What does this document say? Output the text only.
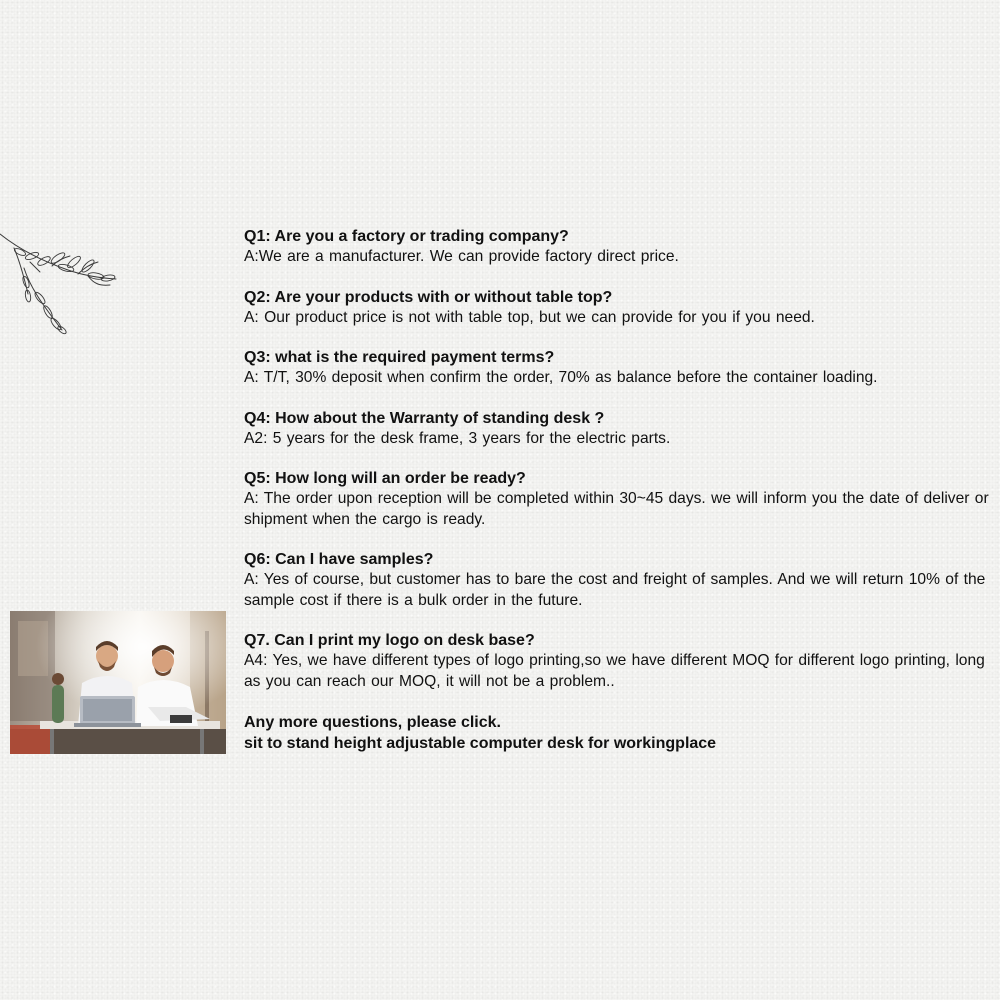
Q1: Are you a factory or trading company?
A:We are a manufacturer. We can provide factory direct price.
Q2: Are your products with or without table top?
A: Our product price is not with table top, but we can provide for you if you need.
Q3: what is the required payment terms?
A: T/T, 30% deposit when confirm the order, 70% as balance before the container loading.
Q4: How about the Warranty of standing desk ?
A2: 5 years for the desk frame, 3 years for the electric parts.
Q5: How long will an order be ready?
A: The order upon reception will be completed within 30~45 days. we will inform you the date of deliver or shipment when the cargo is ready.
Q6: Can I have samples?
A: Yes of course, but customer has to bare the cost and freight of samples. And we will return 10% of the sample cost if there is a bulk order in the future.
Q7. Can I print my logo on desk base?
A4: Yes, we have different types of logo printing,so we have different MOQ for different logo printing, long as you can reach our MOQ, it will not be a problem..
Any more questions, please click.
sit to stand height adjustable computer desk for workingplace
